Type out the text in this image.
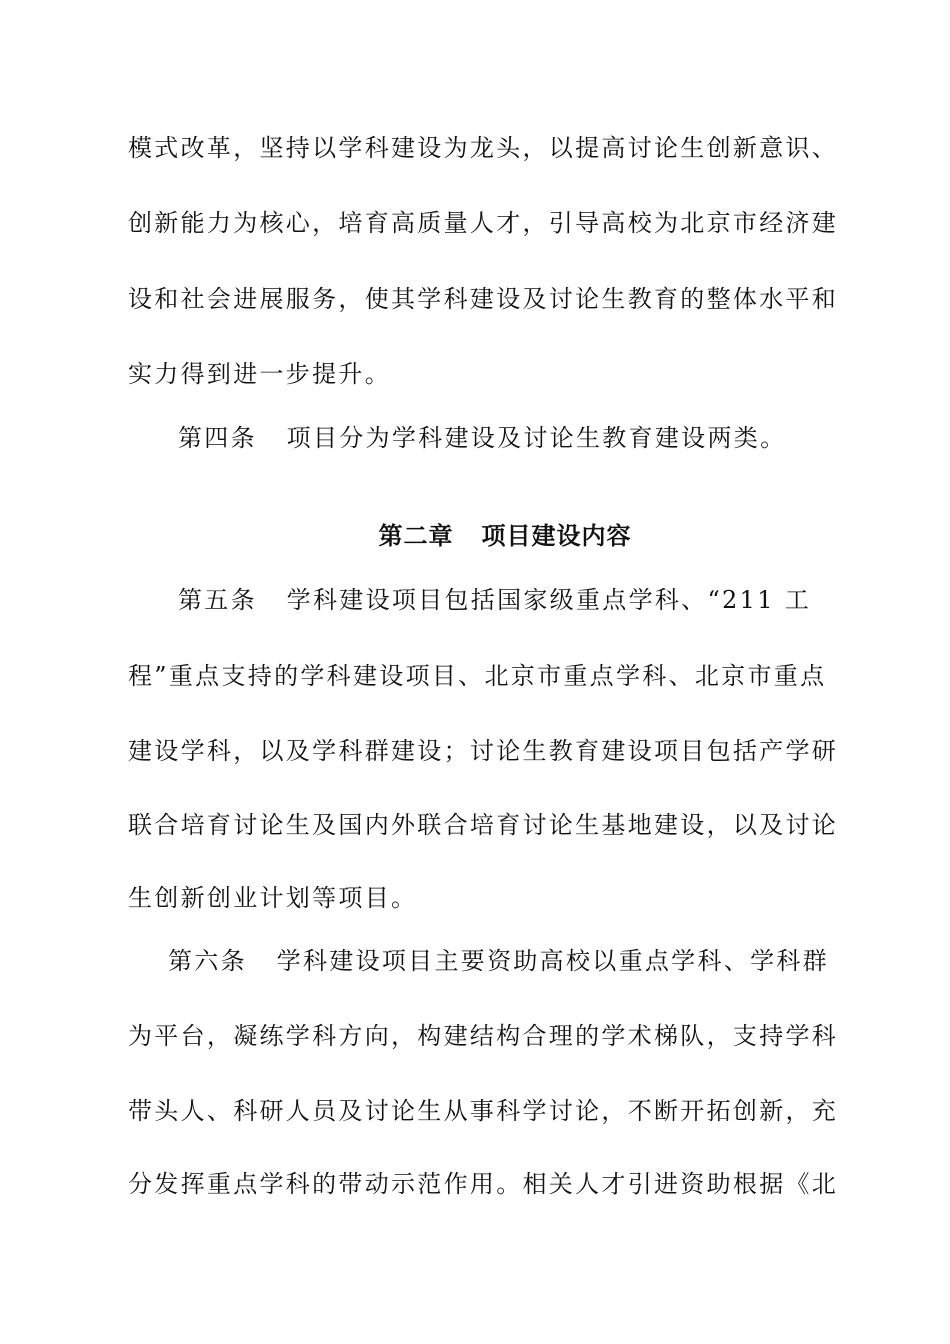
模式改革，坚持以学科建设为龙头，以提高讨论生创新意识、
创新能力为核心，培育高质量人才，引导高校为北京市经济建
设和社会进展服务，使其学科建设及讨论生教育的整体水平和
实力得到进一步提升。
第四条   项目分为学科建设及讨论生教育建设两类。
第二章   项目建设内容
第五条   学科建设项目包括国家级重点学科、“211 工
程”重点支持的学科建设项目、北京市重点学科、北京市重点
建设学科，以及学科群建设；讨论生教育建设项目包括产学研
联合培育讨论生及国内外联合培育讨论生基地建设，以及讨论
生创新创业计划等项目。
第六条   学科建设项目主要资助高校以重点学科、学科群
为平台，凝练学科方向，构建结构合理的学术梯队，支持学科
带头人、科研人员及讨论生从事科学讨论，不断开拓创新，充
分发挥重点学科的带动示范作用。相关人才引进资助根据《北
